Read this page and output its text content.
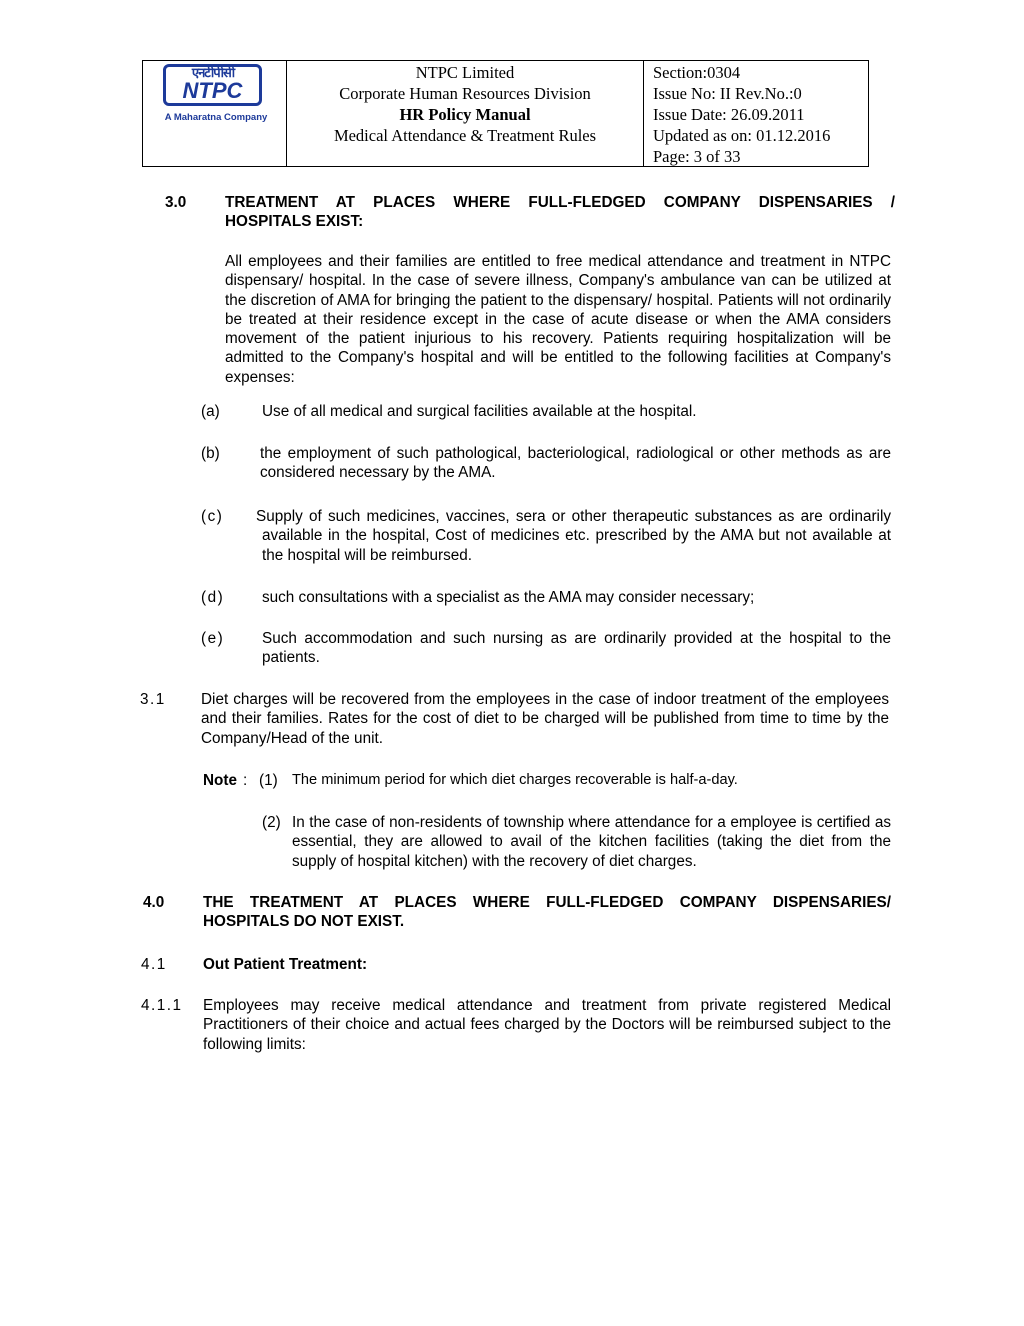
एनटीपीसी
NTPC
A Maharatna Company
NTPC Limited
Corporate Human Resources Division
HR Policy Manual
Medical Attendance & Treatment Rules
Section:0304
Issue No: II Rev.No.:0
Issue Date: 26.09.2011
Updated as on: 01.12.2016
Page: 3 of 33
3.0	TREATMENT AT PLACES WHERE FULL-FLEDGED COMPANY DISPENSARIES /
HOSPITALS EXIST:
All employees and their families are entitled to free medical attendance and treatment in NTPC dispensary/ hospital. In the case of severe illness, Company's ambulance van can be utilized at the discretion of AMA for bringing the patient to the dispensary/ hospital. Patients will not ordinarily be treated at their residence except in the case of acute disease or when the AMA considers movement of the patient injurious to his recovery. Patients requiring hospitalization will be admitted to the Company's hospital and will be entitled to the following facilities at Company's expenses:
(a)	Use of all medical and surgical facilities available at the hospital.
(b)	the employment of such pathological, bacteriological, radiological or other methods as are considered necessary by the AMA.
(c) Supply of such medicines, vaccines, sera or other therapeutic substances as are ordinarily available in the hospital, Cost of medicines etc. prescribed by the AMA but not available at the hospital will be reimbursed.
(d) such consultations with a specialist as the AMA may consider necessary;
(e) Such accommodation and such nursing as are ordinarily provided at the hospital to the patients.
3.1 Diet charges will be recovered from the employees in the case of indoor treatment of the employees and their families. Rates for the cost of diet to be charged will be published from time to time by the Company/Head of the unit.
Note : (1) The minimum period for which diet charges recoverable is half-a-day.
(2) In the case of non-residents of township where attendance for a employee is certified as essential, they are allowed to avail of the kitchen facilities (taking the diet from the supply of hospital kitchen) with the recovery of diet charges.
4.0	THE TREATMENT AT PLACES WHERE FULL-FLEDGED COMPANY DISPENSARIES/
HOSPITALS DO NOT EXIST.
4.1 Out Patient Treatment:
4.1.1 Employees may receive medical attendance and treatment from private registered Medical Practitioners of their choice and actual fees charged by the Doctors will be reimbursed subject to the following limits:
